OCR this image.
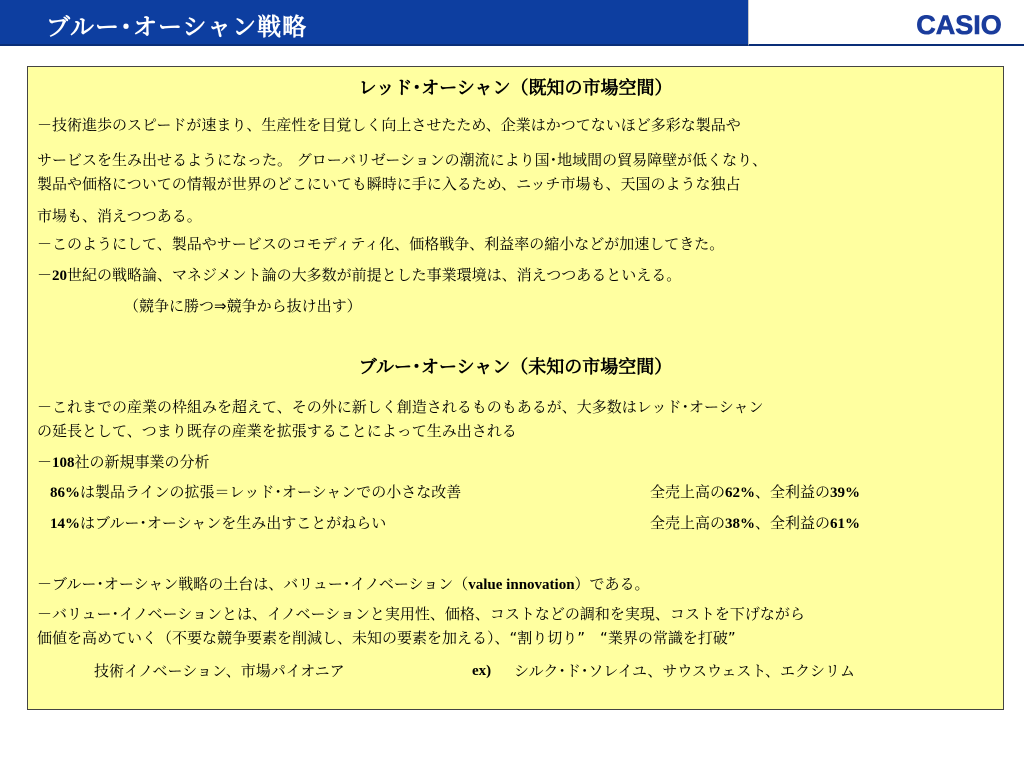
ブルー･オーシャン戦略	CASIO
レッド･オーシャン（既知の市場空間）
－技術進歩のスピードが速まり、生産性を目覚しく向上させたため、企業はかつてないほど多彩な製品や
サービスを生み出せるようになった。 グローバリゼーションの潮流により国･地域間の貿易障壁が低くなり、
製品や価格についての情報が世界のどこにいても瞬時に手に入るため、ニッチ市場も、天国のような独占
市場も、消えつつある。
－このようにして、製品やサービスのコモディティ化、価格戦争、利益率の縮小などが加速してきた。
－20世紀の戦略論、マネジメント論の大多数が前提とした事業環境は、消えつつあるといえる。
（競争に勝つ⇒競争から抜け出す）
ブルー･オーシャン（未知の市場空間）
－これまでの産業の枠組みを超えて、その外に新しく創造されるものもあるが、大多数はレッド･オーシャン
の延長として、つまり既存の産業を拡張することによって生み出される
－108社の新規事業の分析
86%は製品ラインの拡張＝レッド･オーシャンでの小さな改善	全売上高の62%、全利益の39%
14%はブルー･オーシャンを生み出すことがねらい	全売上高の38%、全利益の61%
－ブルー･オーシャン戦略の土台は、バリュー･イノベーション（value innovation）である。
－バリュー･イノベーションとは、イノベーションと実用性、価格、コストなどの調和を実現、コストを下げながら
価値を高めていく（不要な競争要素を削減し、未知の要素を加える）、“割り切り”　“業界の常識を打破”
技術イノベーション、市場パイオニア	ex) シルク･ド･ソレイユ、サウスウェスト、エクシリム
